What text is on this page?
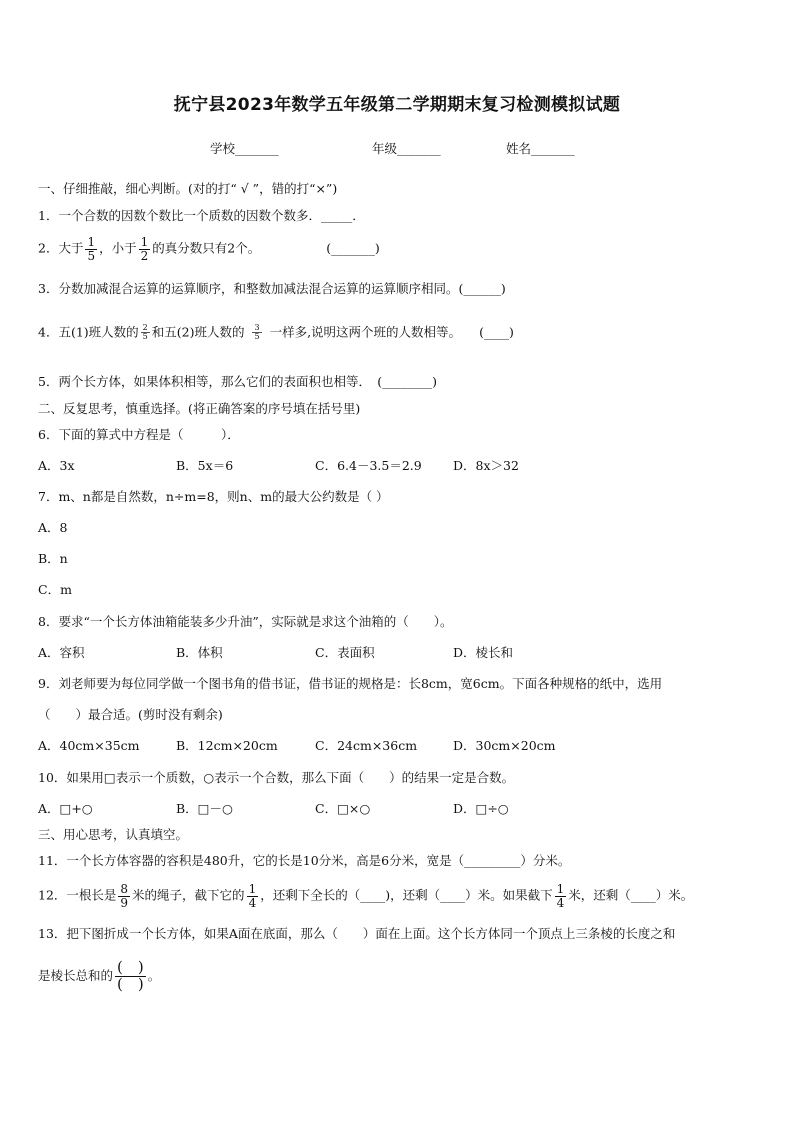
抚宁县2023年数学五年级第二学期期末复习检测模拟试题
学校_______	年级_______	姓名_______
一、仔细推敲，细心判断。(对的打“ √ ”，错的打“×”)
1．一个合数的因数个数比一个质数的因数个数多．_____．
2．大于 $\frac{1}{5}$ ，小于 $\frac{1}{2}$ 的真分数只有2个。	(_______)
3．分数加减混合运算的运算顺序，和整数加减法混合运算的运算顺序相同。(______)
4．五(1)班人数的 $\frac{2}{5}$ 和五(2)班人数的 $\frac{3}{5}$ 一样多,说明这两个班的人数相等。 (____)
5．两个长方体，如果体积相等，那么它们的表面积也相等．　(________)
二、反复思考，慎重选择。(将正确答案的序号填在括号里)
6．下面的算式中方程是（　　　）．
A．3x	B．5x＝6	C．6.4－3.5＝2.9	D．8x＞32
7．m、n都是自然数，n÷m=8，则n、m的最大公约数是（ ）
A．8
B．n
C．m
8．要求“一个长方体油箱能装多少升油”，实际就是求这个油箱的（　　）。
A．容积	B．体积	C．表面积	D．棱长和
9．刘老师要为每位同学做一个图书角的借书证，借书证的规格是：长8cm，宽6cm。下面各种规格的纸中，选用
（　　）最合适。(剪时没有剩余)
A．40cm×35cm	B．12cm×20cm	C．24cm×36cm	D．30cm×20cm
10．如果用□表示一个质数，○表示一个合数，那么下面（　　）的结果一定是合数。
A．□+○	B．□－○	C．□×○	D．□÷○
三、用心思考，认真填空。
11．一个长方体容器的容积是480升，它的长是10分米，高是6分米，宽是（_________）分米。
12．一根长是 $\frac{8}{9}$ 米的绳子，截下它的 $\frac{1}{4}$ ，还剩下全长的（____)，还剩（____）米。如果截下 $\frac{1}{4}$ 米，还剩（____）米。
13．把下图折成一个长方体，如果A面在底面，那么（　　）面在上面。这个长方体同一个顶点上三条棱的长度之和
是棱长总和的 $\frac{( )}{( )}$ 。
